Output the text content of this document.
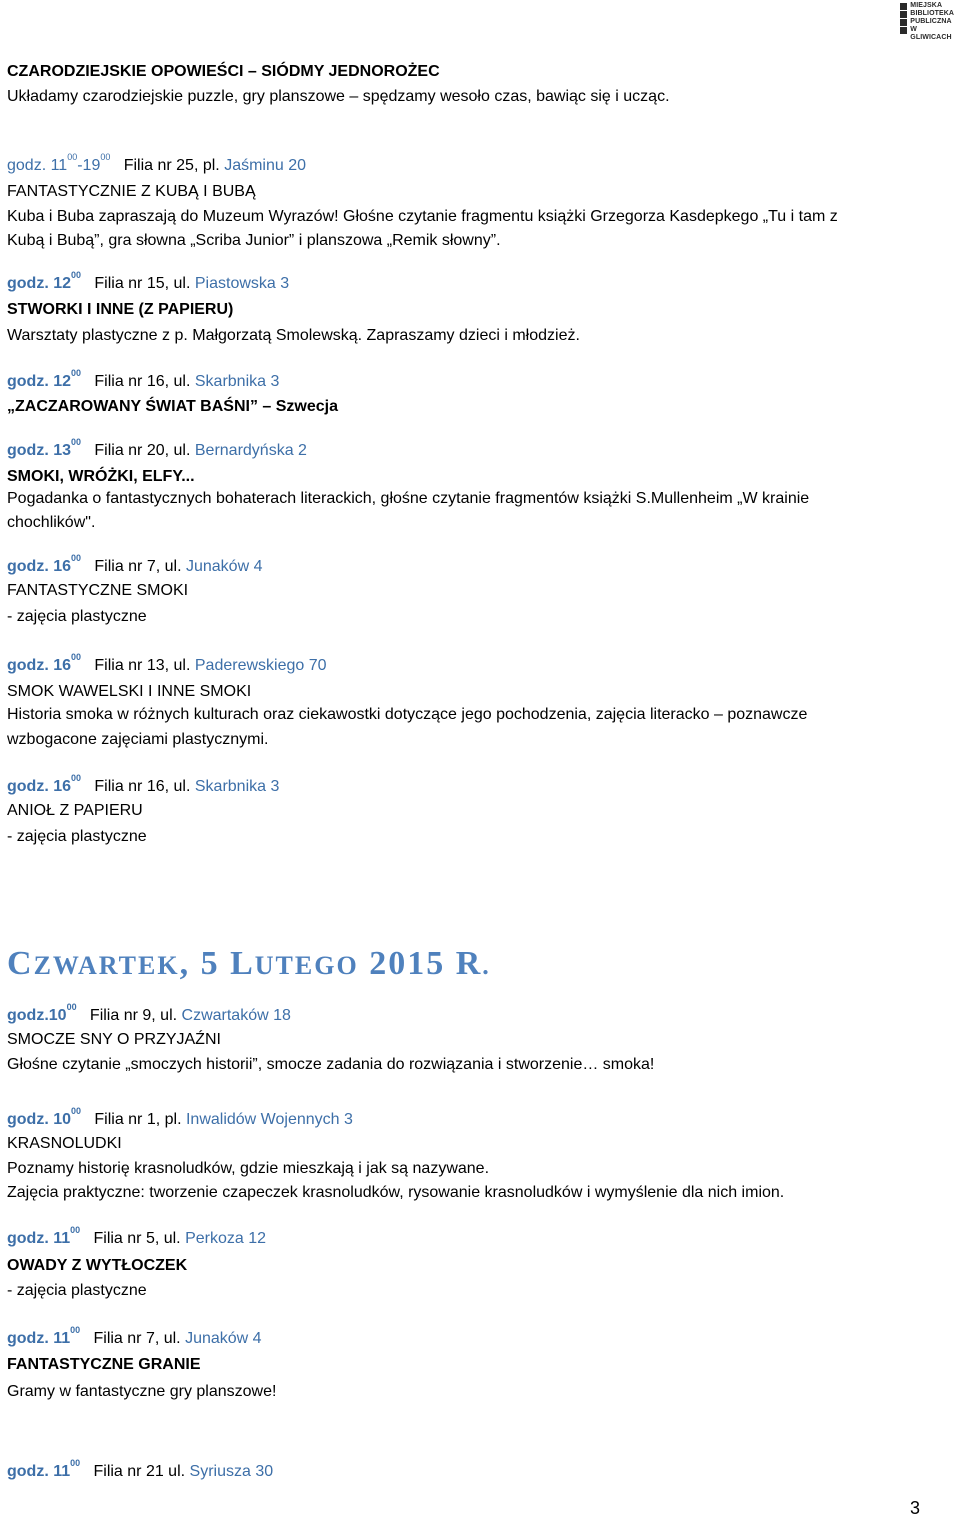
MIEJSKA
BIBLIOTEKA
PUBLICZNA
W GLIWICACH
CZARODZIEJSKIE OPOWIEŚCI – SIÓDMY JEDNOROŻEC
Układamy czarodziejskie puzzle, gry planszowe – spędzamy wesoło czas, bawiąc się i ucząc.
godz. $11^{00}-19^{00}$ Filia nr 25, pl. Jaśminu 20
FANTASTYCZNIE Z KUBĄ I BUBĄ
Kuba i Buba zapraszają do Muzeum Wyrazów! Głośne czytanie fragmentu książki Grzegorza Kasdepkego „Tu i tam z
Kubą i Bubą”, gra słowna „Scriba Junior” i planszowa „Remik słowny”.
godz. $12^{00}$ Filia nr 15, ul. Piastowska 3
STWORKI I INNE (Z PAPIERU)
Warsztaty plastyczne z p. Małgorzatą Smolewską. Zapraszamy dzieci i młodzież.
godz. $12^{00}$ Filia nr 16, ul. Skarbnika 3
„ZACZAROWANY ŚWIAT BAŚNI” – Szwecja
godz. $13^{00}$ Filia nr 20, ul. Bernardyńska 2
SMOKI, WRÓŻKI, ELFY...
Pogadanka o fantastycznych bohaterach literackich, głośne czytanie fragmentów książki S.Mullenheim „W krainie
chochlików".
godz. $16^{00}$ Filia nr 7, ul. Junaków 4
FANTASTYCZNE SMOKI
- zajęcia plastyczne
godz. $16^{00}$ Filia nr 13, ul. Paderewskiego 70
SMOK WAWELSKI I INNE SMOKI
Historia smoka w różnych kulturach oraz ciekawostki dotyczące jego pochodzenia, zajęcia literacko – poznawcze
wzbogacone zajęciami plastycznymi.
godz. $16^{00}$ Filia nr 16, ul. Skarbnika 3
ANIOŁ Z PAPIERU
- zajęcia plastyczne
CZWARTEK, 5 LUTEGO 2015 R.
$godz.10^{00}$ Filia nr 9, ul. Czwartaków 18
SMOCZE SNY O PRZYJAŹNI
Głośne czytanie „smoczych historii”, smocze zadania do rozwiązania i stworzenie… smoka!
godz. $10^{00}$ Filia nr 1, pl. Inwalidów Wojennych 3
KRASNOLUDKI
Poznamy historię krasnoludków, gdzie mieszkają i jak są nazywane.
Zajęcia praktyczne: tworzenie czapeczek krasnoludków, rysowanie krasnoludków i wymyślenie dla nich imion.
godz. $11^{00}$ Filia nr 5, ul. Perkoza 12
OWADY Z WYTŁOCZEK
- zajęcia plastyczne
godz. $11^{00}$ Filia nr 7, ul. Junaków 4
FANTASTYCZNE GRANIE
Gramy w fantastyczne gry planszowe!
godz. $11^{00}$ Filia nr 21 ul. Syriusza 30
3
